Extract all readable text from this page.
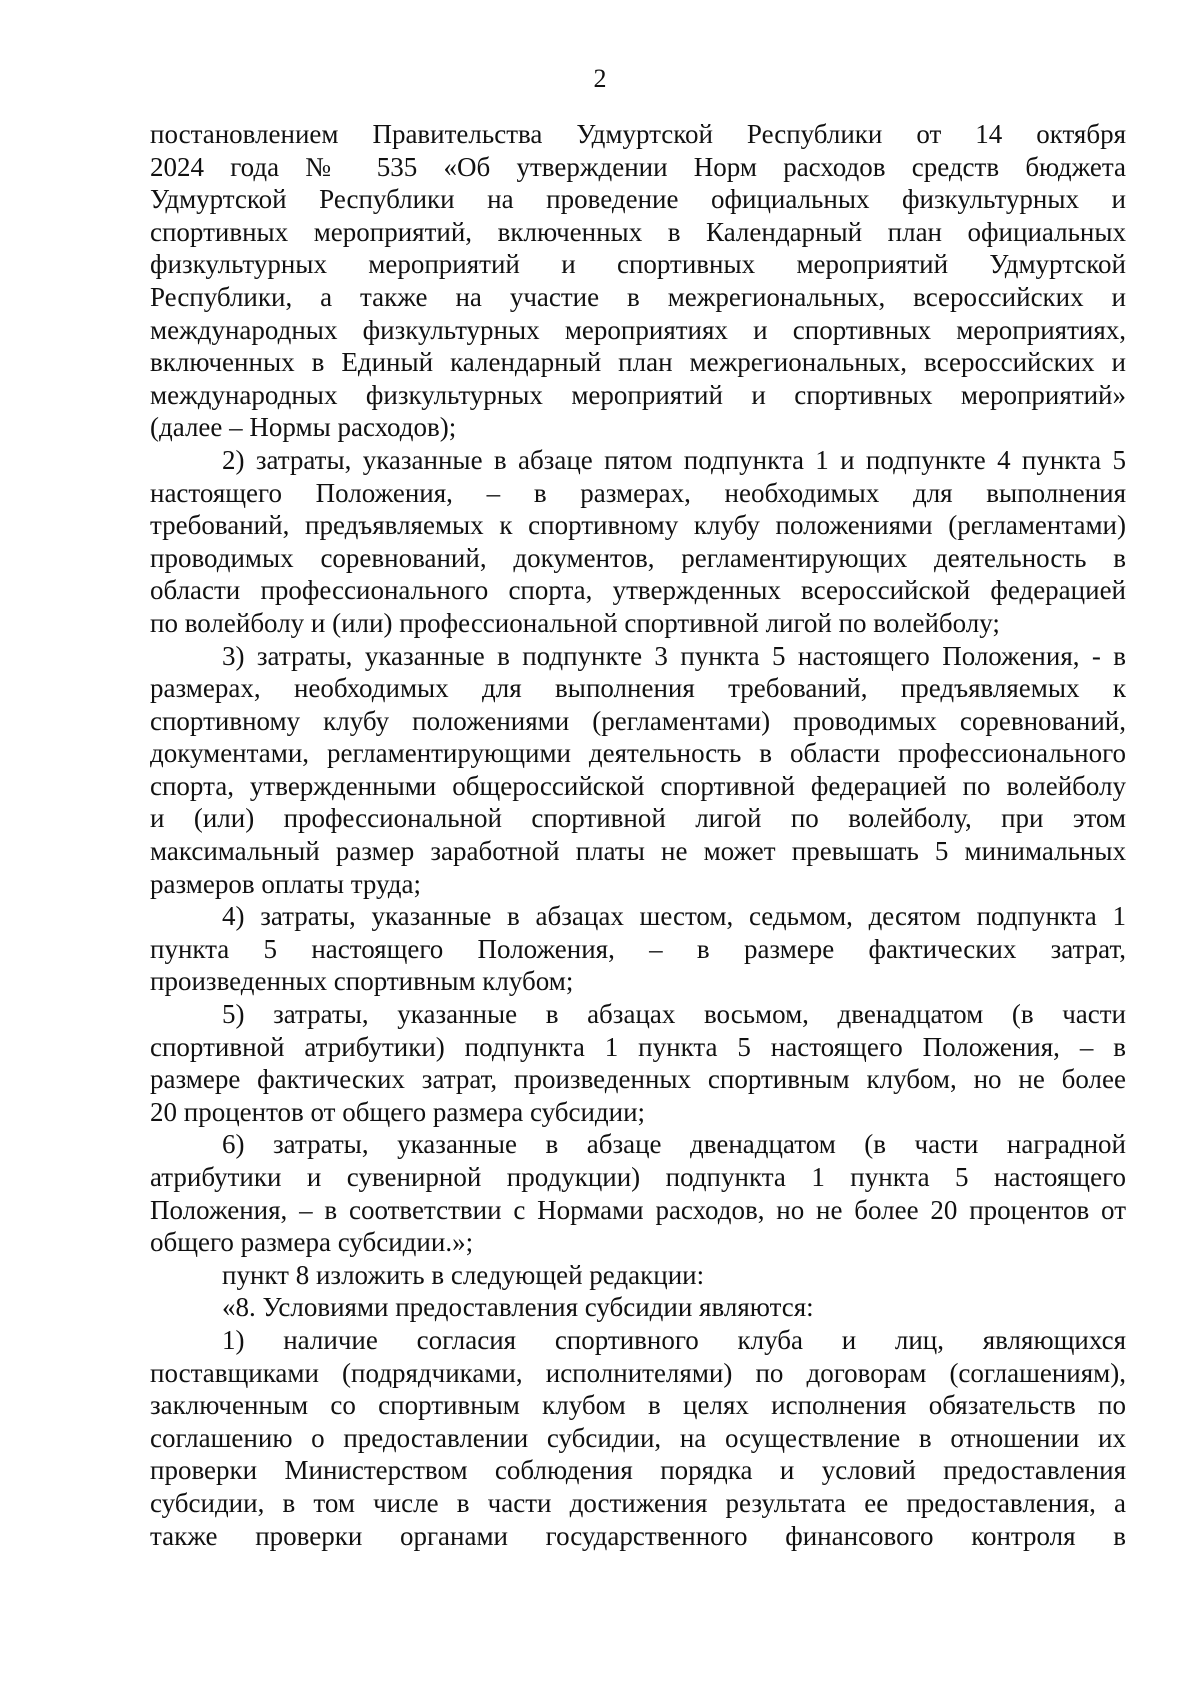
2
постановлением Правительства Удмуртской Республики от 14 октября
2024 года № 535 «Об утверждении Норм расходов средств бюджета
Удмуртской Республики на проведение официальных физкультурных и
спортивных мероприятий, включенных в Календарный план официальных
физкультурных мероприятий и спортивных мероприятий Удмуртской
Республики, а также на участие в межрегиональных, всероссийских и
международных физкультурных мероприятиях и спортивных мероприятиях,
включенных в Единый календарный план межрегиональных, всероссийских и
международных физкультурных мероприятий и спортивных мероприятий»
(далее – Нормы расходов);
2) затраты, указанные в абзаце пятом подпункта 1 и подпункте 4 пункта 5
настоящего Положения, – в размерах, необходимых для выполнения
требований, предъявляемых к спортивному клубу положениями (регламентами)
проводимых соревнований, документов, регламентирующих деятельность в
области профессионального спорта, утвержденных всероссийской федерацией
по волейболу и (или) профессиональной спортивной лигой по волейболу;
3) затраты, указанные в подпункте 3 пункта 5 настоящего Положения, - в
размерах, необходимых для выполнения требований, предъявляемых к
спортивному клубу положениями (регламентами) проводимых соревнований,
документами, регламентирующими деятельность в области профессионального
спорта, утвержденными общероссийской спортивной федерацией по волейболу
и (или) профессиональной спортивной лигой по волейболу, при этом
максимальный размер заработной платы не может превышать 5 минимальных
размеров оплаты труда;
4) затраты, указанные в абзацах шестом, седьмом, десятом подпункта 1
пункта 5 настоящего Положения, – в размере фактических затрат,
произведенных спортивным клубом;
5) затраты, указанные в абзацах восьмом, двенадцатом (в части
спортивной атрибутики) подпункта 1 пункта 5 настоящего Положения, – в
размере фактических затрат, произведенных спортивным клубом, но не более
20 процентов от общего размера субсидии;
6) затраты, указанные в абзаце двенадцатом (в части наградной
атрибутики и сувенирной продукции) подпункта 1 пункта 5 настоящего
Положения, – в соответствии с Нормами расходов, но не более 20 процентов от
общего размера субсидии.»;
пункт 8 изложить в следующей редакции:
«8. Условиями предоставления субсидии являются:
1) наличие согласия спортивного клуба и лиц, являющихся
поставщиками (подрядчиками, исполнителями) по договорам (соглашениям),
заключенным со спортивным клубом в целях исполнения обязательств по
соглашению о предоставлении субсидии, на осуществление в отношении их
проверки Министерством соблюдения порядка и условий предоставления
субсидии, в том числе в части достижения результата ее предоставления, а
также проверки органами государственного финансового контроля в
